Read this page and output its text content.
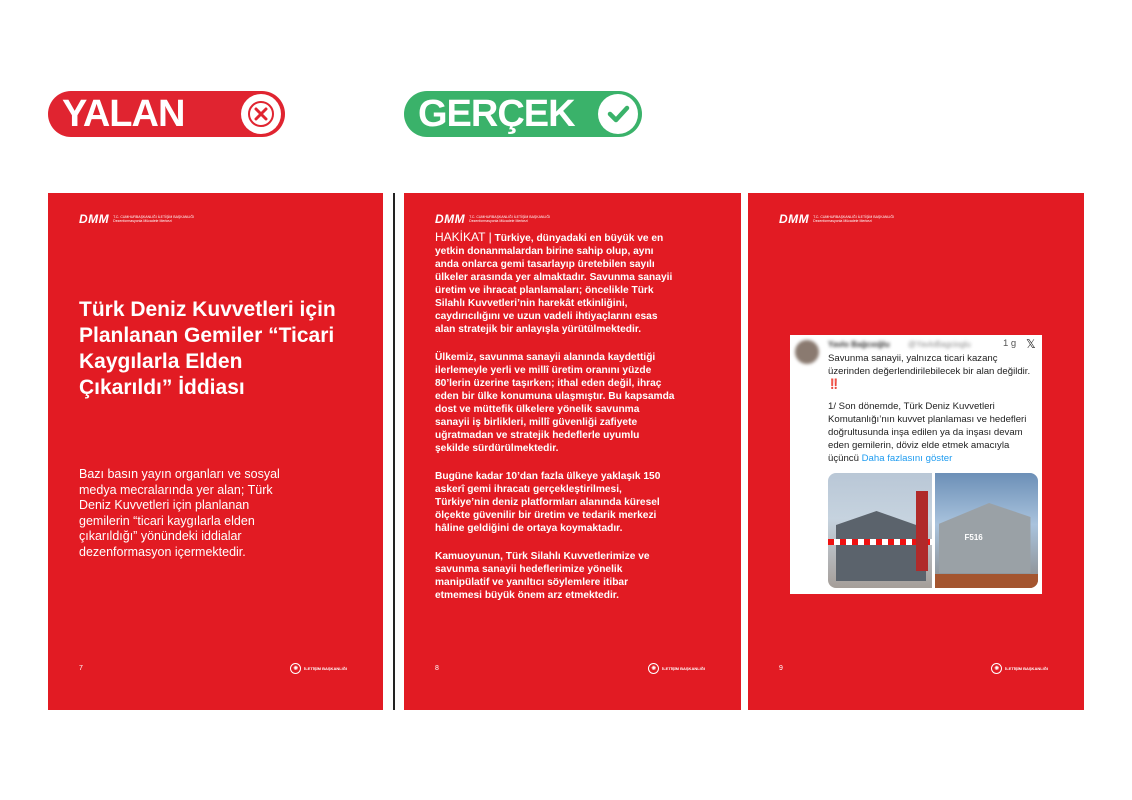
YALAN	GERÇEK
DMM T.C. CUMHURBAŞKANLIĞI İLETİŞİM BAŞKANLIĞI
Dezenformasyonla Mücadele Merkezi
Türk Deniz Kuvvetleri için Planlanan Gemiler “Ticari Kaygılarla Elden Çıkarıldı” İddiası

Bazı basın yayın organları ve sosyal medya mecralarında yer alan; Türk Deniz Kuvvetleri için planlanan gemilerin “ticari kaygılarla elden çıkarıldığı” yönündeki iddialar dezenformasyon içermektedir.

7	✺	İLETİŞİM BAŞKANLIĞI
DMM T.C. CUMHURBAŞKANLIĞI İLETİŞİM BAŞKANLIĞI
Dezenformasyonla Mücadele Merkezi

HAKİKAT | Türkiye, dünyadaki en büyük ve en yetkin donanmalardan birine sahip olup, aynı anda onlarca gemi tasarlayıp üretebilen sayılı ülkeler arasında yer almaktadır. Savunma sanayii üretim ve ihracat planlamaları; öncelikle Türk Silahlı Kuvvetleri’nin harekât etkinliğini, caydırıcılığını ve uzun vadeli ihtiyaçlarını esas alan stratejik bir anlayışla yürütülmektedir.

Ülkemiz, savunma sanayii alanında kaydettiği ilerlemeyle yerli ve millî üretim oranını yüzde 80’lerin üzerine taşırken; ithal eden değil, ihraç eden bir ülke konumuna ulaşmıştır. Bu kapsamda dost ve müttefik ülkelere yönelik savunma sanayii iş birlikleri, millî güvenliği zafiyete uğratmadan ve stratejik hedeflerle uyumlu şekilde sürdürülmektedir.

Bugüne kadar 10’dan fazla ülkeye yaklaşık 150 askerî gemi ihracatı gerçekleştirilmesi, Türkiye’nin deniz platformları alanında küresel ölçekte güvenilir bir üretim ve tedarik merkezi hâline geldiğini de ortaya koymaktadır.

Kamuoyunun, Türk Silahlı Kuvvetlerimize ve savunma sanayii hedeflerimize yönelik manipülatif ve yanıltıcı söylemlere itibar etmemesi büyük önem arz etmektedir.

8	✺	İLETİŞİM BAŞKANLIĞI
DMM T.C. CUMHURBAŞKANLIĞI İLETİŞİM BAŞKANLIĞI
Dezenformasyonla Mücadele Merkezi
Yavlo Bağcıoğlu @YavloBagcioglu	1 g 𝕏

Savunma sanayii, yalnızca ticari kazanç üzerinden değerlendirilebilecek bir alan değildir. ‼️

1/ Son dönemde, Türk Deniz Kuvvetleri Komutanlığı’nın kuvvet planlaması ve hedefleri doğrultusunda inşa edilen ya da inşası devam eden gemilerin, döviz elde etmek amacıyla üçüncü Daha fazlasını göster

F516
9	✺	İLETİŞİM BAŞKANLIĞI
